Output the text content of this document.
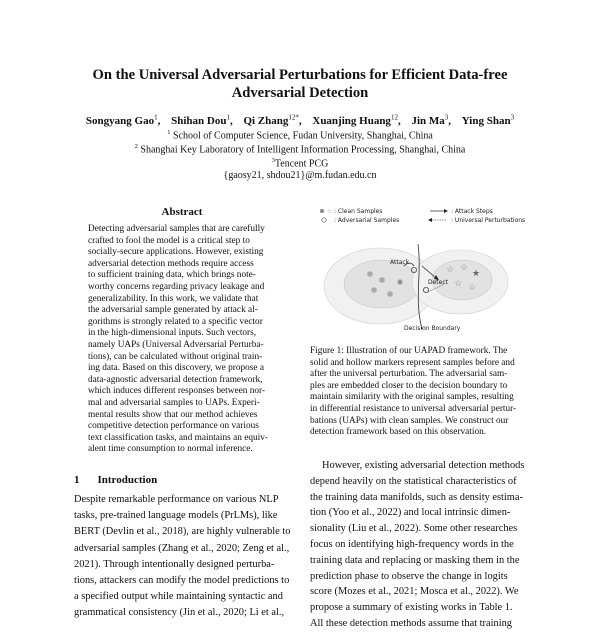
On the Universal Adversarial Perturbations for Efficient Data-free
Adversarial Detection
Songyang Gao$^1$, Shihan Dou$^1$, Qi Zhang$^{12*}$, Xuanjing Huang$^{12}$, Jin Ma$^3$, Ying Shan$^3$
$^1$ School of Computer Science, Fudan University, Shanghai, China
$^2$ Shanghai Key Laboratory of Intelligent Information Processing, Shanghai, China
$^3$Tencent PCG
{gaosy21, shdou21}@m.fudan.edu.cn
Abstract
Detecting adversarial samples that are carefully
crafted to fool the model is a critical step to
socially-secure applications. However, existing
adversarial detection methods require access
to sufficient training data, which brings note-
worthy concerns regarding privacy leakage and
generalizability. In this work, we validate that
the adversarial sample generated by attack al-
gorithms is strongly related to a specific vector
in the high-dimensional inputs. Such vectors,
namely UAPs (Universal Adversarial Perturba-
tions), can be calculated without original train-
ing data. Based on this discovery, we propose a
data-agnostic adversarial detection framework,
which induces different responses between nor-
mal and adversarial samples to UAPs. Experi-
mental results show that our method achieves
competitive detection performance on various
text classification tasks, and maintains an equiv-
alent time consumption to normal inference.
1 Introduction
Despite remarkable performance on various NLP
tasks, pre-trained language models (PrLMs), like
BERT (Devlin et al., 2018), are highly vulnerable to
adversarial samples (Zhang et al., 2020; Zeng et al.,
2021). Through intentionally designed perturba-
tions, attackers can modify the model predictions to
a specified output while maintaining syntactic and
grammatical consistency (Jin et al., 2020; Li et al.,
☆ : Clean Samples
: Adversarial Samples
: Attack Steps
: Universal Perturbations
☆ ☆
☆ ☆
★
Attack
Detect
Decision Boundary
Figure 1: Illustration of our UAPAD framework. The
solid and hollow markers represent samples before and
after the universal perturbation. The adversarial sam-
ples are embedded closer to the decision boundary to
maintain similarity with the original samples, resulting
in differential resistance to universal adversarial pertur-
bations (UAPs) with clean samples. We construct our
detection framework based on this observation.
However, existing adversarial detection methods
depend heavily on the statistical characteristics of
the training data manifolds, such as density estima-
tion (Yoo et al., 2022) and local intrinsic dimen-
sionality (Liu et al., 2022). Some other researches
focus on identifying high-frequency words in the
training data and replacing or masking them in the
prediction phase to observe the change in logits
score (Mozes et al., 2021; Mosca et al., 2022). We
propose a summary of existing works in Table 1.
All these detection methods assume that training
